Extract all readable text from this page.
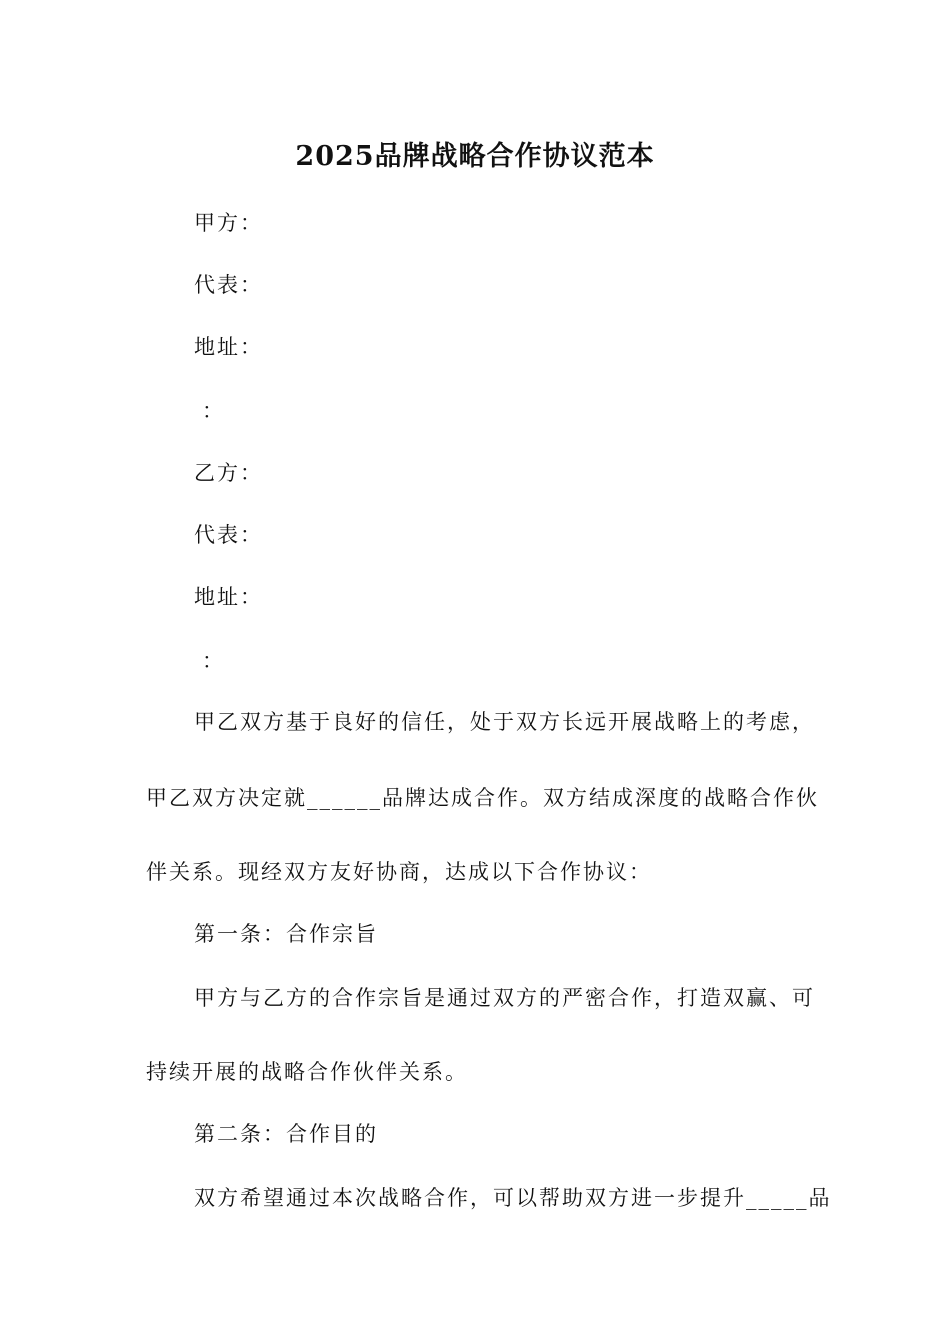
2025品牌战略合作协议范本
甲方：
代表：
地址：
：
乙方：
代表：
地址：
：
甲乙双方基于良好的信任，处于双方长远开展战略上的考虑，
甲乙双方决定就______品牌达成合作。双方结成深度的战略合作伙
伴关系。现经双方友好协商，达成以下合作协议：
第一条：合作宗旨
甲方与乙方的合作宗旨是通过双方的严密合作，打造双赢、可
持续开展的战略合作伙伴关系。
第二条：合作目的
双方希望通过本次战略合作，可以帮助双方进一步提升_____品
